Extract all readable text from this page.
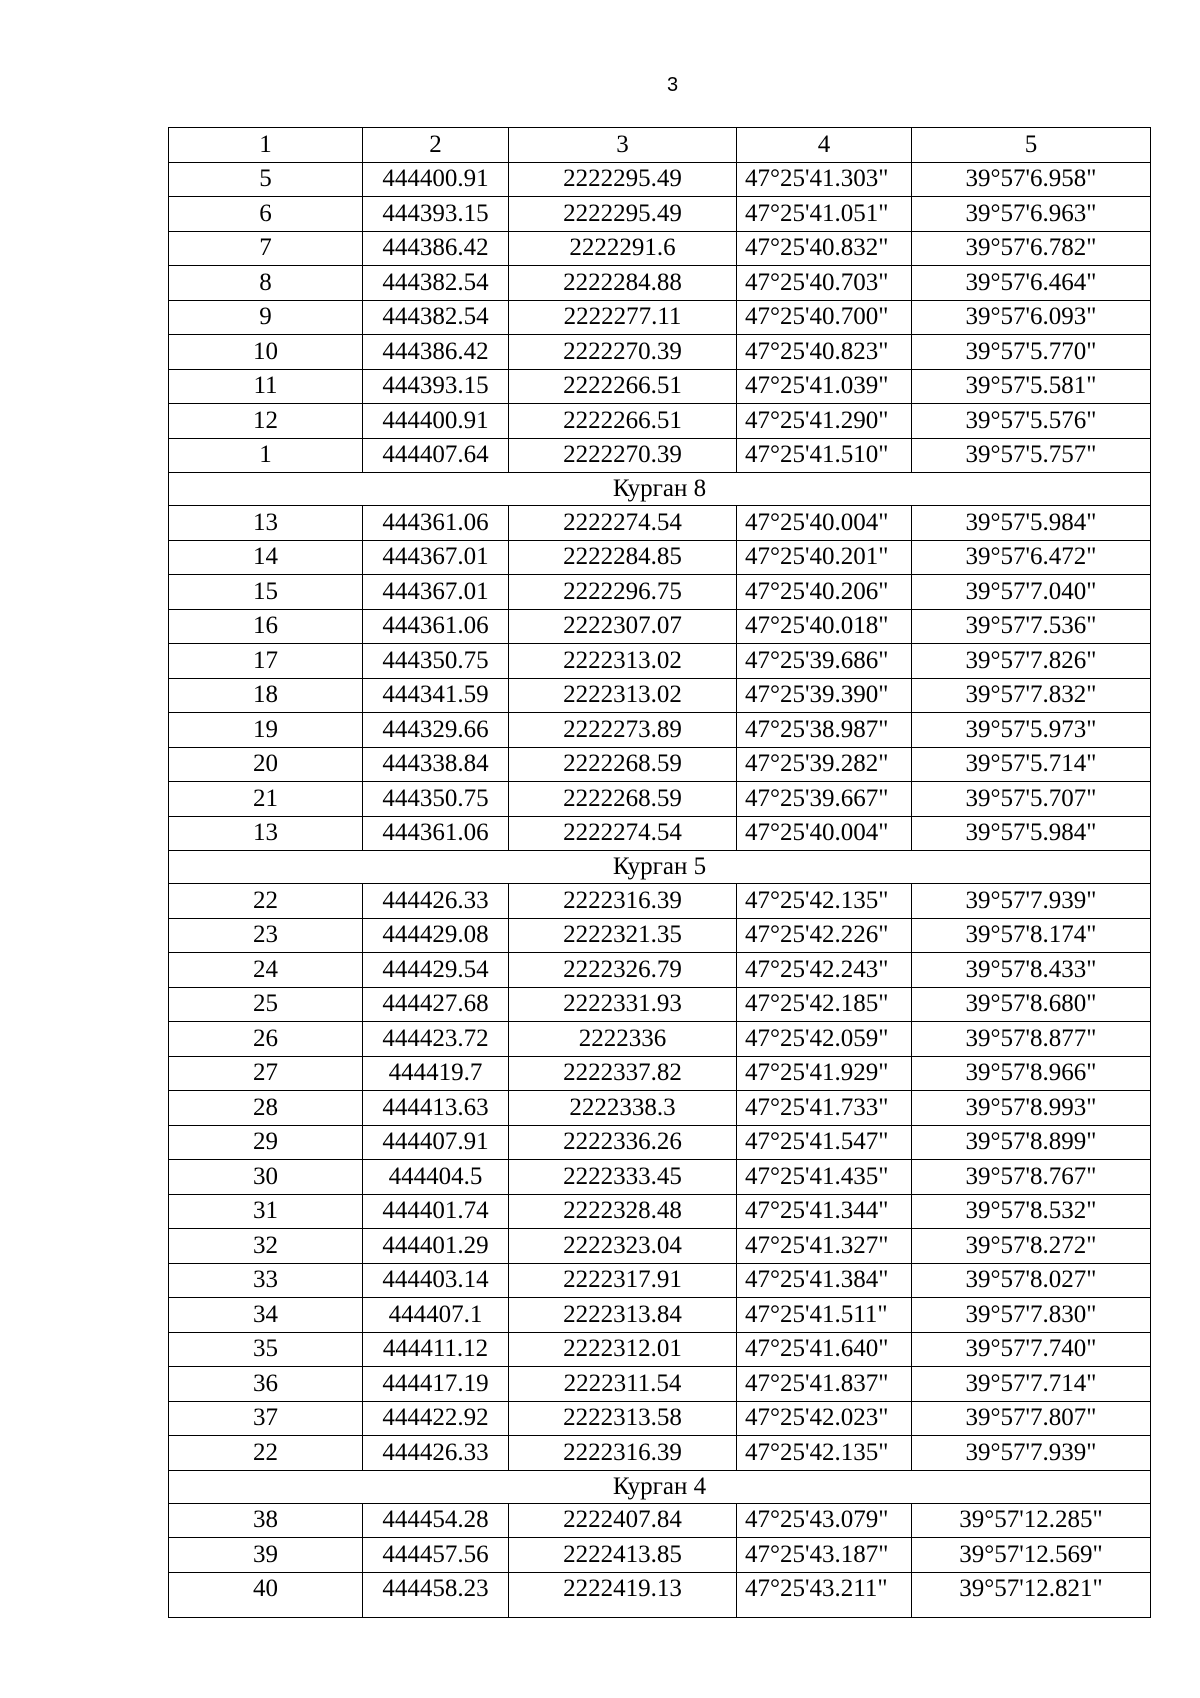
3
1	2	3	4	5
5	444400.91	2222295.49	47°25'41.303"	39°57'6.958"
6	444393.15	2222295.49	47°25'41.051"	39°57'6.963"
7	444386.42	2222291.6	47°25'40.832"	39°57'6.782"
8	444382.54	2222284.88	47°25'40.703"	39°57'6.464"
9	444382.54	2222277.11	47°25'40.700"	39°57'6.093"
10	444386.42	2222270.39	47°25'40.823"	39°57'5.770"
11	444393.15	2222266.51	47°25'41.039"	39°57'5.581"
12	444400.91	2222266.51	47°25'41.290"	39°57'5.576"
1	444407.64	2222270.39	47°25'41.510"	39°57'5.757"
Курган 8				
13	444361.06	2222274.54	47°25'40.004"	39°57'5.984"
14	444367.01	2222284.85	47°25'40.201"	39°57'6.472"
15	444367.01	2222296.75	47°25'40.206"	39°57'7.040"
16	444361.06	2222307.07	47°25'40.018"	39°57'7.536"
17	444350.75	2222313.02	47°25'39.686"	39°57'7.826"
18	444341.59	2222313.02	47°25'39.390"	39°57'7.832"
19	444329.66	2222273.89	47°25'38.987"	39°57'5.973"
20	444338.84	2222268.59	47°25'39.282"	39°57'5.714"
21	444350.75	2222268.59	47°25'39.667"	39°57'5.707"
13	444361.06	2222274.54	47°25'40.004"	39°57'5.984"
Курган 5				
22	444426.33	2222316.39	47°25'42.135"	39°57'7.939"
23	444429.08	2222321.35	47°25'42.226"	39°57'8.174"
24	444429.54	2222326.79	47°25'42.243"	39°57'8.433"
25	444427.68	2222331.93	47°25'42.185"	39°57'8.680"
26	444423.72	2222336	47°25'42.059"	39°57'8.877"
27	444419.7	2222337.82	47°25'41.929"	39°57'8.966"
28	444413.63	2222338.3	47°25'41.733"	39°57'8.993"
29	444407.91	2222336.26	47°25'41.547"	39°57'8.899"
30	444404.5	2222333.45	47°25'41.435"	39°57'8.767"
31	444401.74	2222328.48	47°25'41.344"	39°57'8.532"
32	444401.29	2222323.04	47°25'41.327"	39°57'8.272"
33	444403.14	2222317.91	47°25'41.384"	39°57'8.027"
34	444407.1	2222313.84	47°25'41.511"	39°57'7.830"
35	444411.12	2222312.01	47°25'41.640"	39°57'7.740"
36	444417.19	2222311.54	47°25'41.837"	39°57'7.714"
37	444422.92	2222313.58	47°25'42.023"	39°57'7.807"
22	444426.33	2222316.39	47°25'42.135"	39°57'7.939"
Курган 4				
38	444454.28	2222407.84	47°25'43.079"	39°57'12.285"
39	444457.56	2222413.85	47°25'43.187"	39°57'12.569"
40	444458.23	2222419.13	47°25'43.211"	39°57'12.821"
